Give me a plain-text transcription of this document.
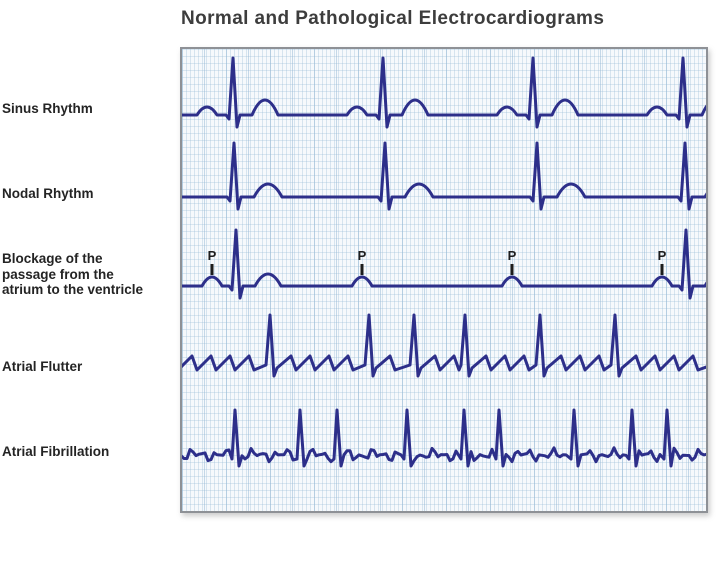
Normal and Pathological Electrocardiograms
Sinus Rhythm
Nodal Rhythm
Blockage of the
passage from the
atrium to the ventricle
Atrial Flutter
Atrial Fibrillation
P	P	P	P
